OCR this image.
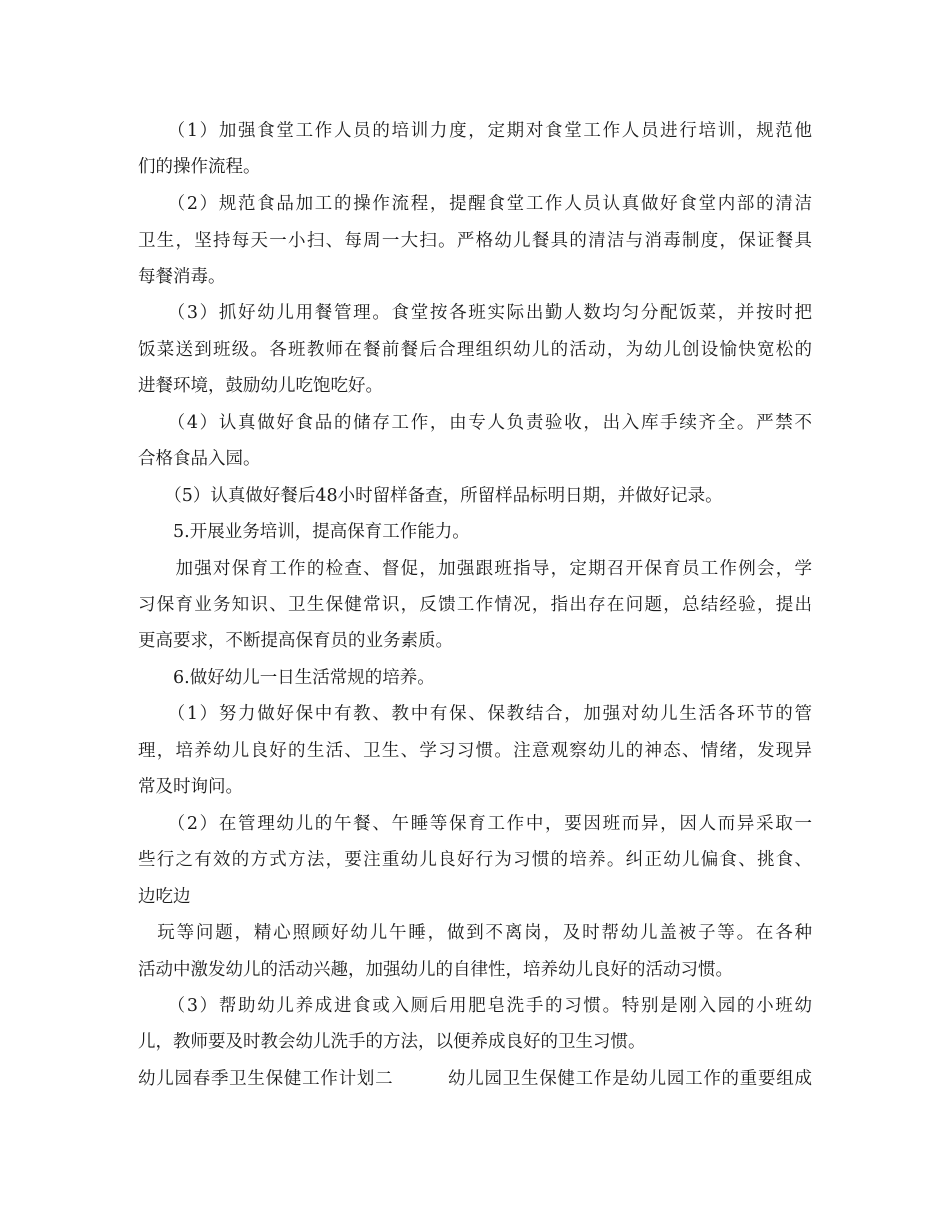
　　（1）加强食堂工作人员的培训力度，定期对食堂工作人员进行培训，规范他
们的操作流程。
　　（2）规范食品加工的操作流程，提醒食堂工作人员认真做好食堂内部的清洁
卫生，坚持每天一小扫、每周一大扫。严格幼儿餐具的清洁与消毒制度，保证餐具
每餐消毒。
　　（3）抓好幼儿用餐管理。食堂按各班实际出勤人数均匀分配饭菜，并按时把
饭菜送到班级。各班教师在餐前餐后合理组织幼儿的活动，为幼儿创设愉快宽松的
进餐环境，鼓励幼儿吃饱吃好。
　　（4）认真做好食品的储存工作，由专人负责验收，出入库手续齐全。严禁不
合格食品入园。
　　（5）认真做好餐后48小时留样备查，所留样品标明日期，并做好记录。
　　5.开展业务培训，提高保育工作能力。
　　加强对保育工作的检查、督促，加强跟班指导，定期召开保育员工作例会，学
习保育业务知识、卫生保健常识，反馈工作情况，指出存在问题，总结经验，提出
更高要求，不断提高保育员的业务素质。
　　6.做好幼儿一日生活常规的培养。
　　（1）努力做好保中有教、教中有保、保教结合，加强对幼儿生活各环节的管
理，培养幼儿良好的生活、卫生、学习习惯。注意观察幼儿的神态、情绪，发现异
常及时询问。
　　（2）在管理幼儿的午餐、午睡等保育工作中，要因班而异，因人而异采取一
些行之有效的方式方法，要注重幼儿良好行为习惯的培养。纠正幼儿偏食、挑食、
边吃边
　玩等问题，精心照顾好幼儿午睡，做到不离岗，及时帮幼儿盖被子等。在各种
活动中激发幼儿的活动兴趣，加强幼儿的自律性，培养幼儿良好的活动习惯。
　　（3）帮助幼儿养成进食或入厕后用肥皂洗手的习惯。特别是刚入园的小班幼
儿，教师要及时教会幼儿洗手的方法，以便养成良好的卫生习惯。
幼儿园春季卫生保健工作计划二　　　幼儿园卫生保健工作是幼儿园工作的重要组成
